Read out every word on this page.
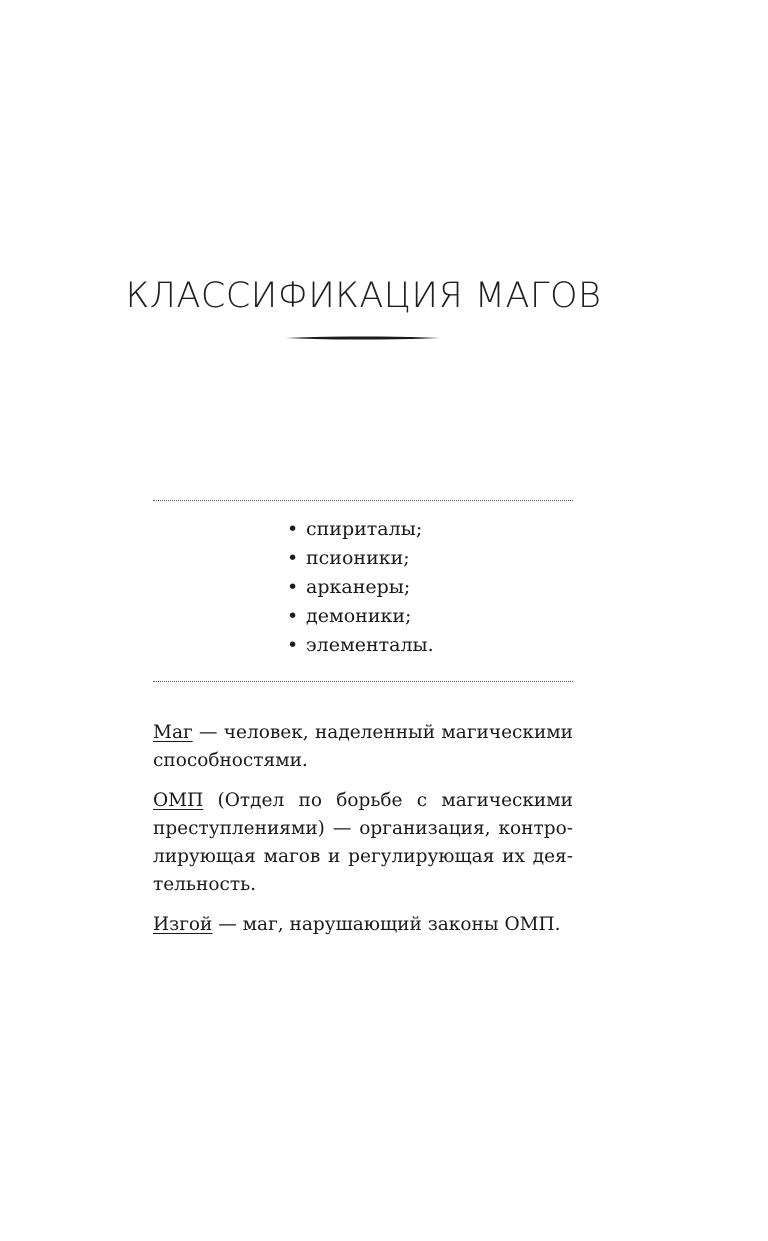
КЛАССИФИКАЦИЯ МАГОВ
• спиритaлы;
• псионики;
• арканеры;
• демоники;
• элементалы.

Маг — человек, наделенный магическими способностями.

ОМП (Отдел по борьбе с магическими преступлениями) — организация, контролирующая магов и регулирующая их деятельность.

Изгой — маг, нарушающий законы ОМП.
